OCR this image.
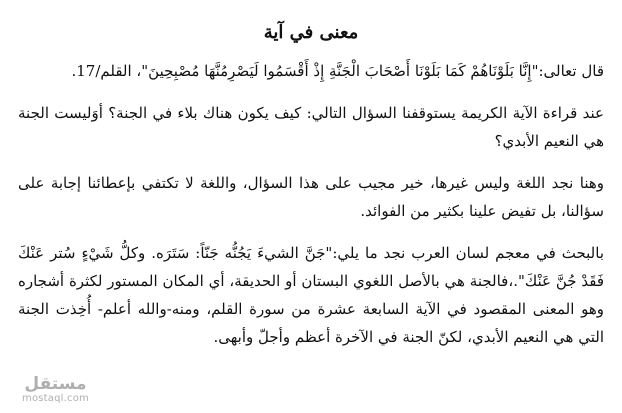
معنى في آية

قال تعالى:"إِنَّا بَلَوْنَاهُمْ كَمَا بَلَوْنَا أَصْحَابَ الْجَنَّةِ إِذْ أَقْسَمُوا لَيَصْرِمُنَّهَا مُصْبِحِينَ"، القلم/17.

عند قراءة الآية الكريمة يستوقفنا السؤال التالي: كيف يكون هناك بلاء في الجنة؟ أوَليست الجنة هي النعيم الأبدي؟

وهنا نجد اللغة وليس غيرها، خير مجيب على هذا السؤال، واللغة لا تكتفي بإعطائنا إجابة على سؤالنا، بل تفيض علينا بكثير من الفوائد.

بالبحث في معجم لسان العرب نجد ما يلي:"جَنَّ الشيءَ يَجُنُّه جَنّاً: سَتَرَه. وكلُّ شَيْءٍ سُتر عَنْكَ فَقَدْ جُنَّ عَنْكَ".،فالجنة هي بالأصل اللغوي البستان أو الحديقة، أي المكان المستور لكثرة أشجاره وهو المعنى المقصود في الآية السابعة عشرة من سورة القلم، ومنه-والله أعلم- أُخِذت الجنة التي هي النعيم الأبدي، لكنّ الجنة في الآخرة أعظم وأجلّ وأبهى.

مستقل
mostaql.com
